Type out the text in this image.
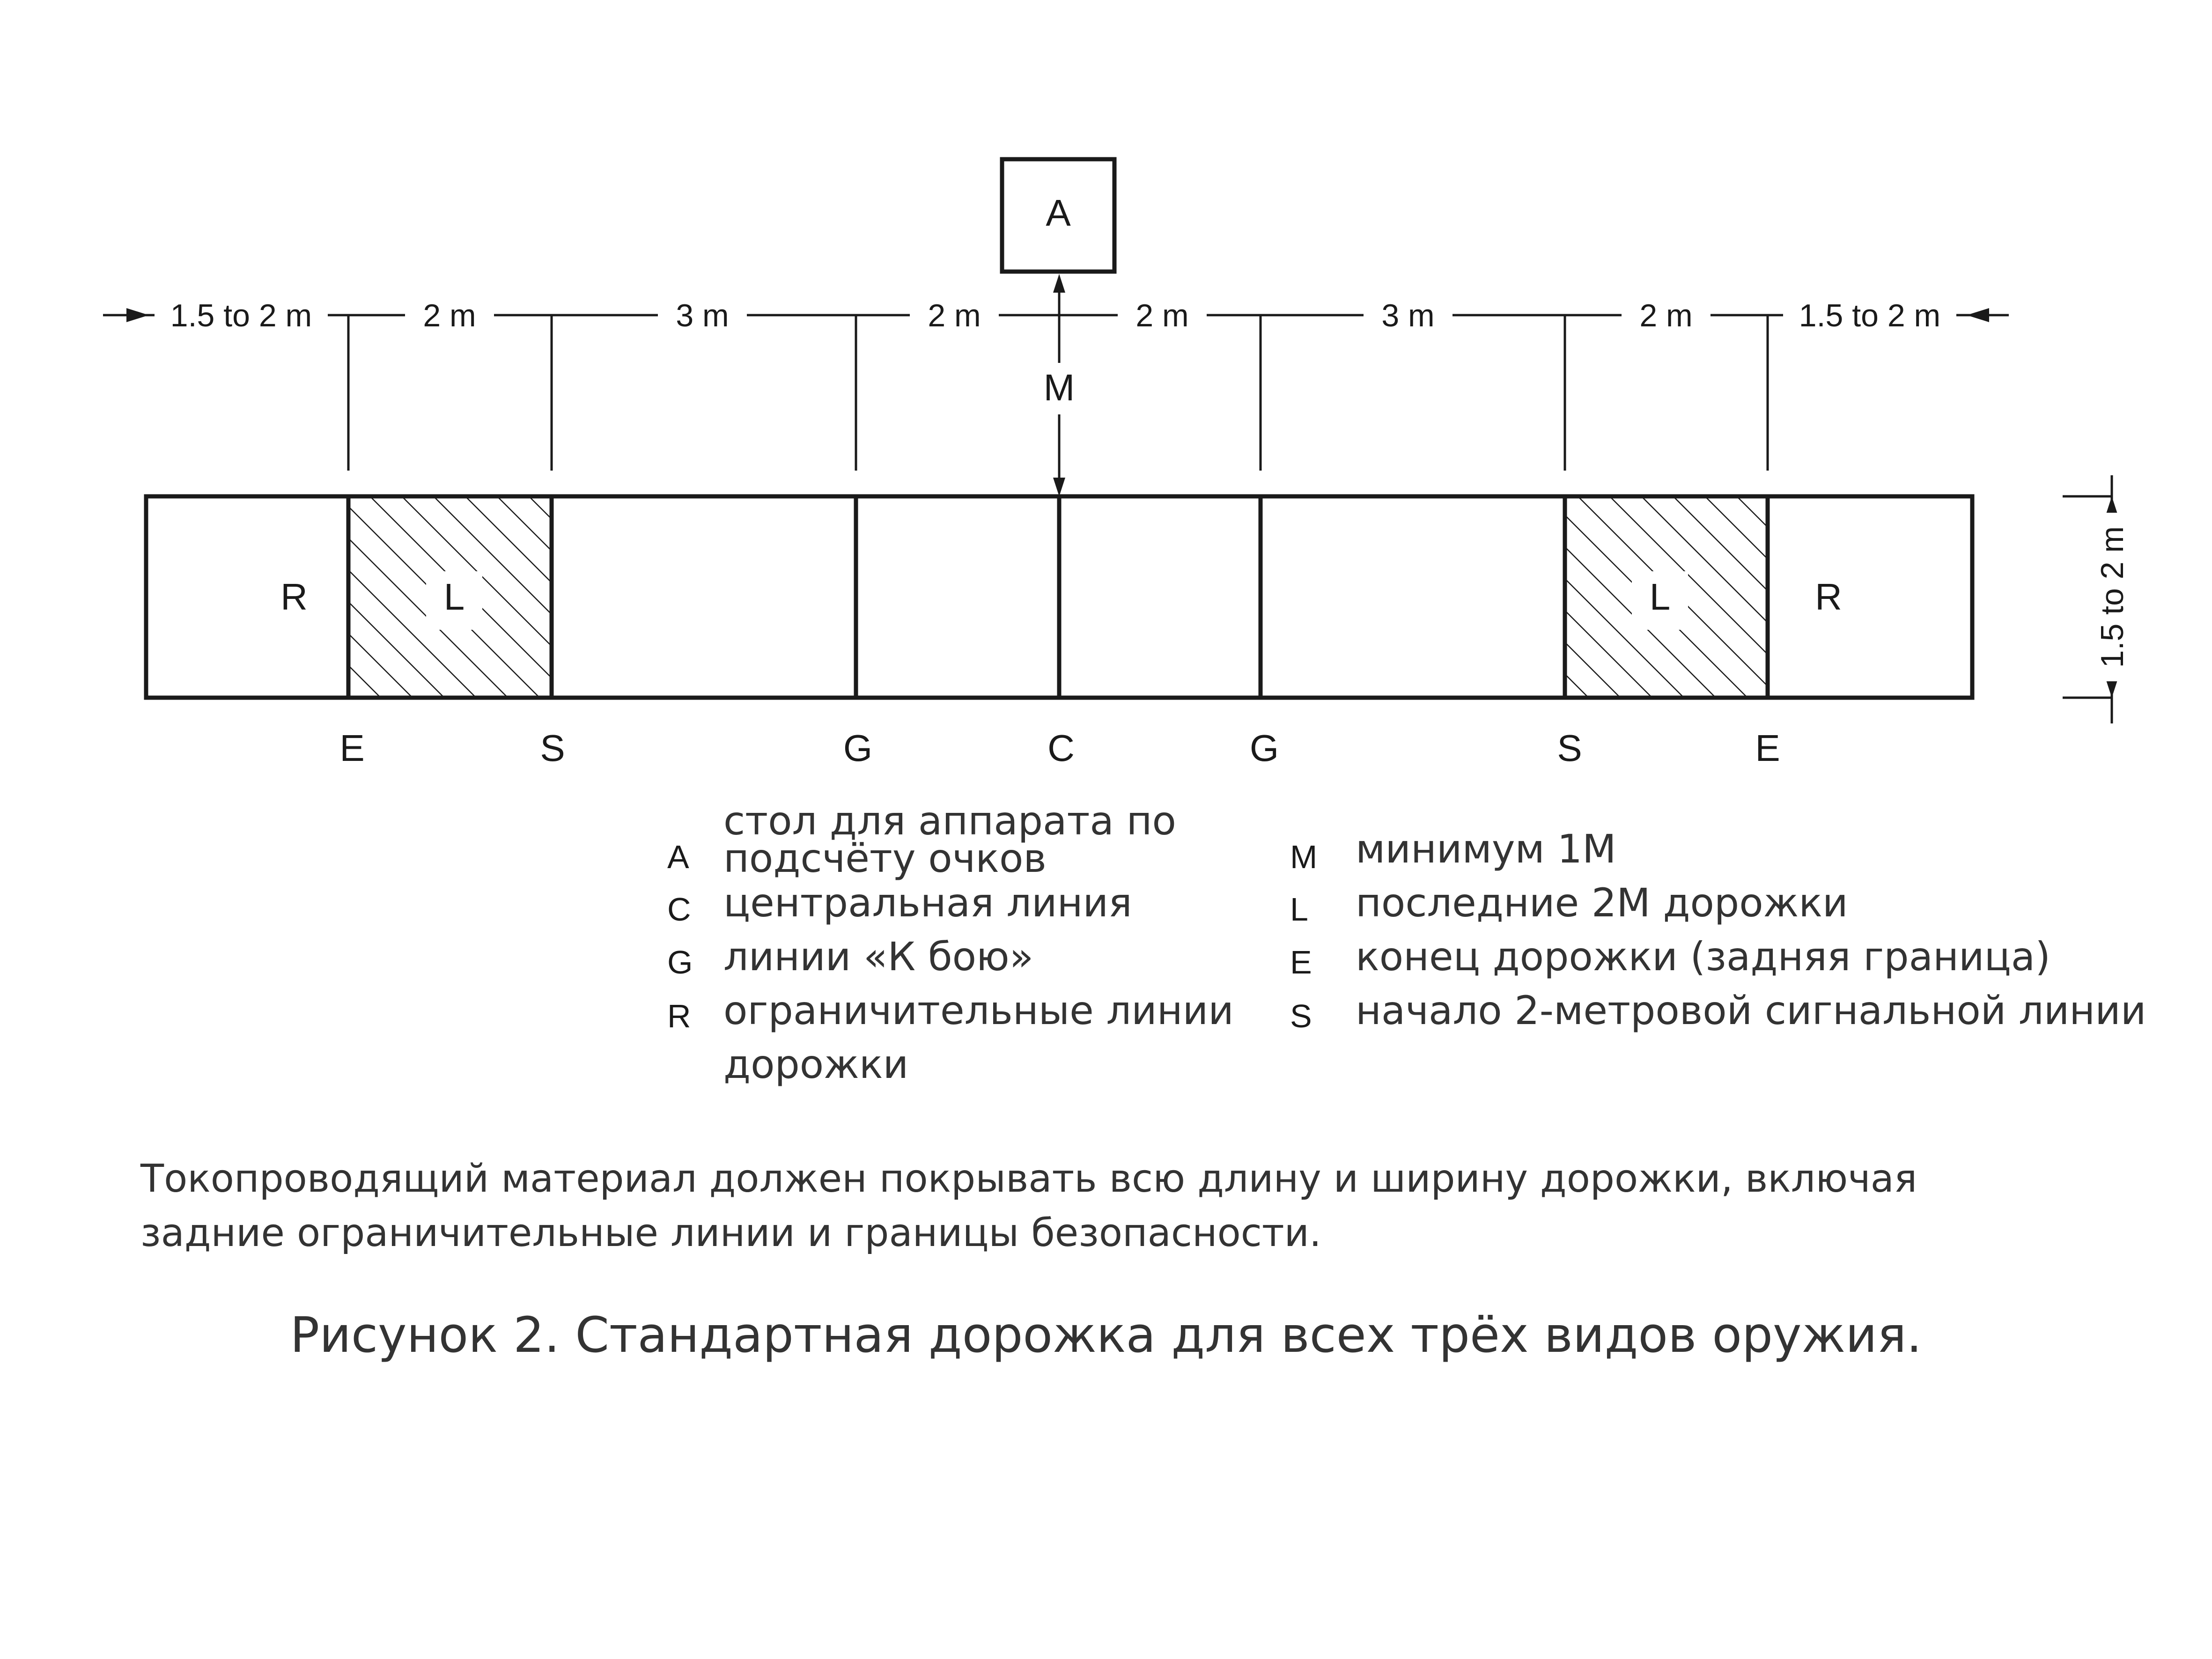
A
M
1.5 to 2 m	2 m	3 m	2 m	2 m	3 m	2 m	1.5 to 2 m
R	L	L	R
E	S	G	C	G	S	E
1.5 to 2 m
A
стол для аппарата по
подсчёту очков
C центральная линия
G линии «К бою»
R ограничительные линии
дорожки
M минимум 1М
L последние 2М дорожки
E конец дорожки (задняя граница)
S начало 2-метровой сигнальной линии
Токопроводящий материал должен покрывать всю длину и ширину дорожки, включая задние ограничительные линии и границы безопасности.
Рисунок 2. Стандартная дорожка для всех трёх видов оружия.
